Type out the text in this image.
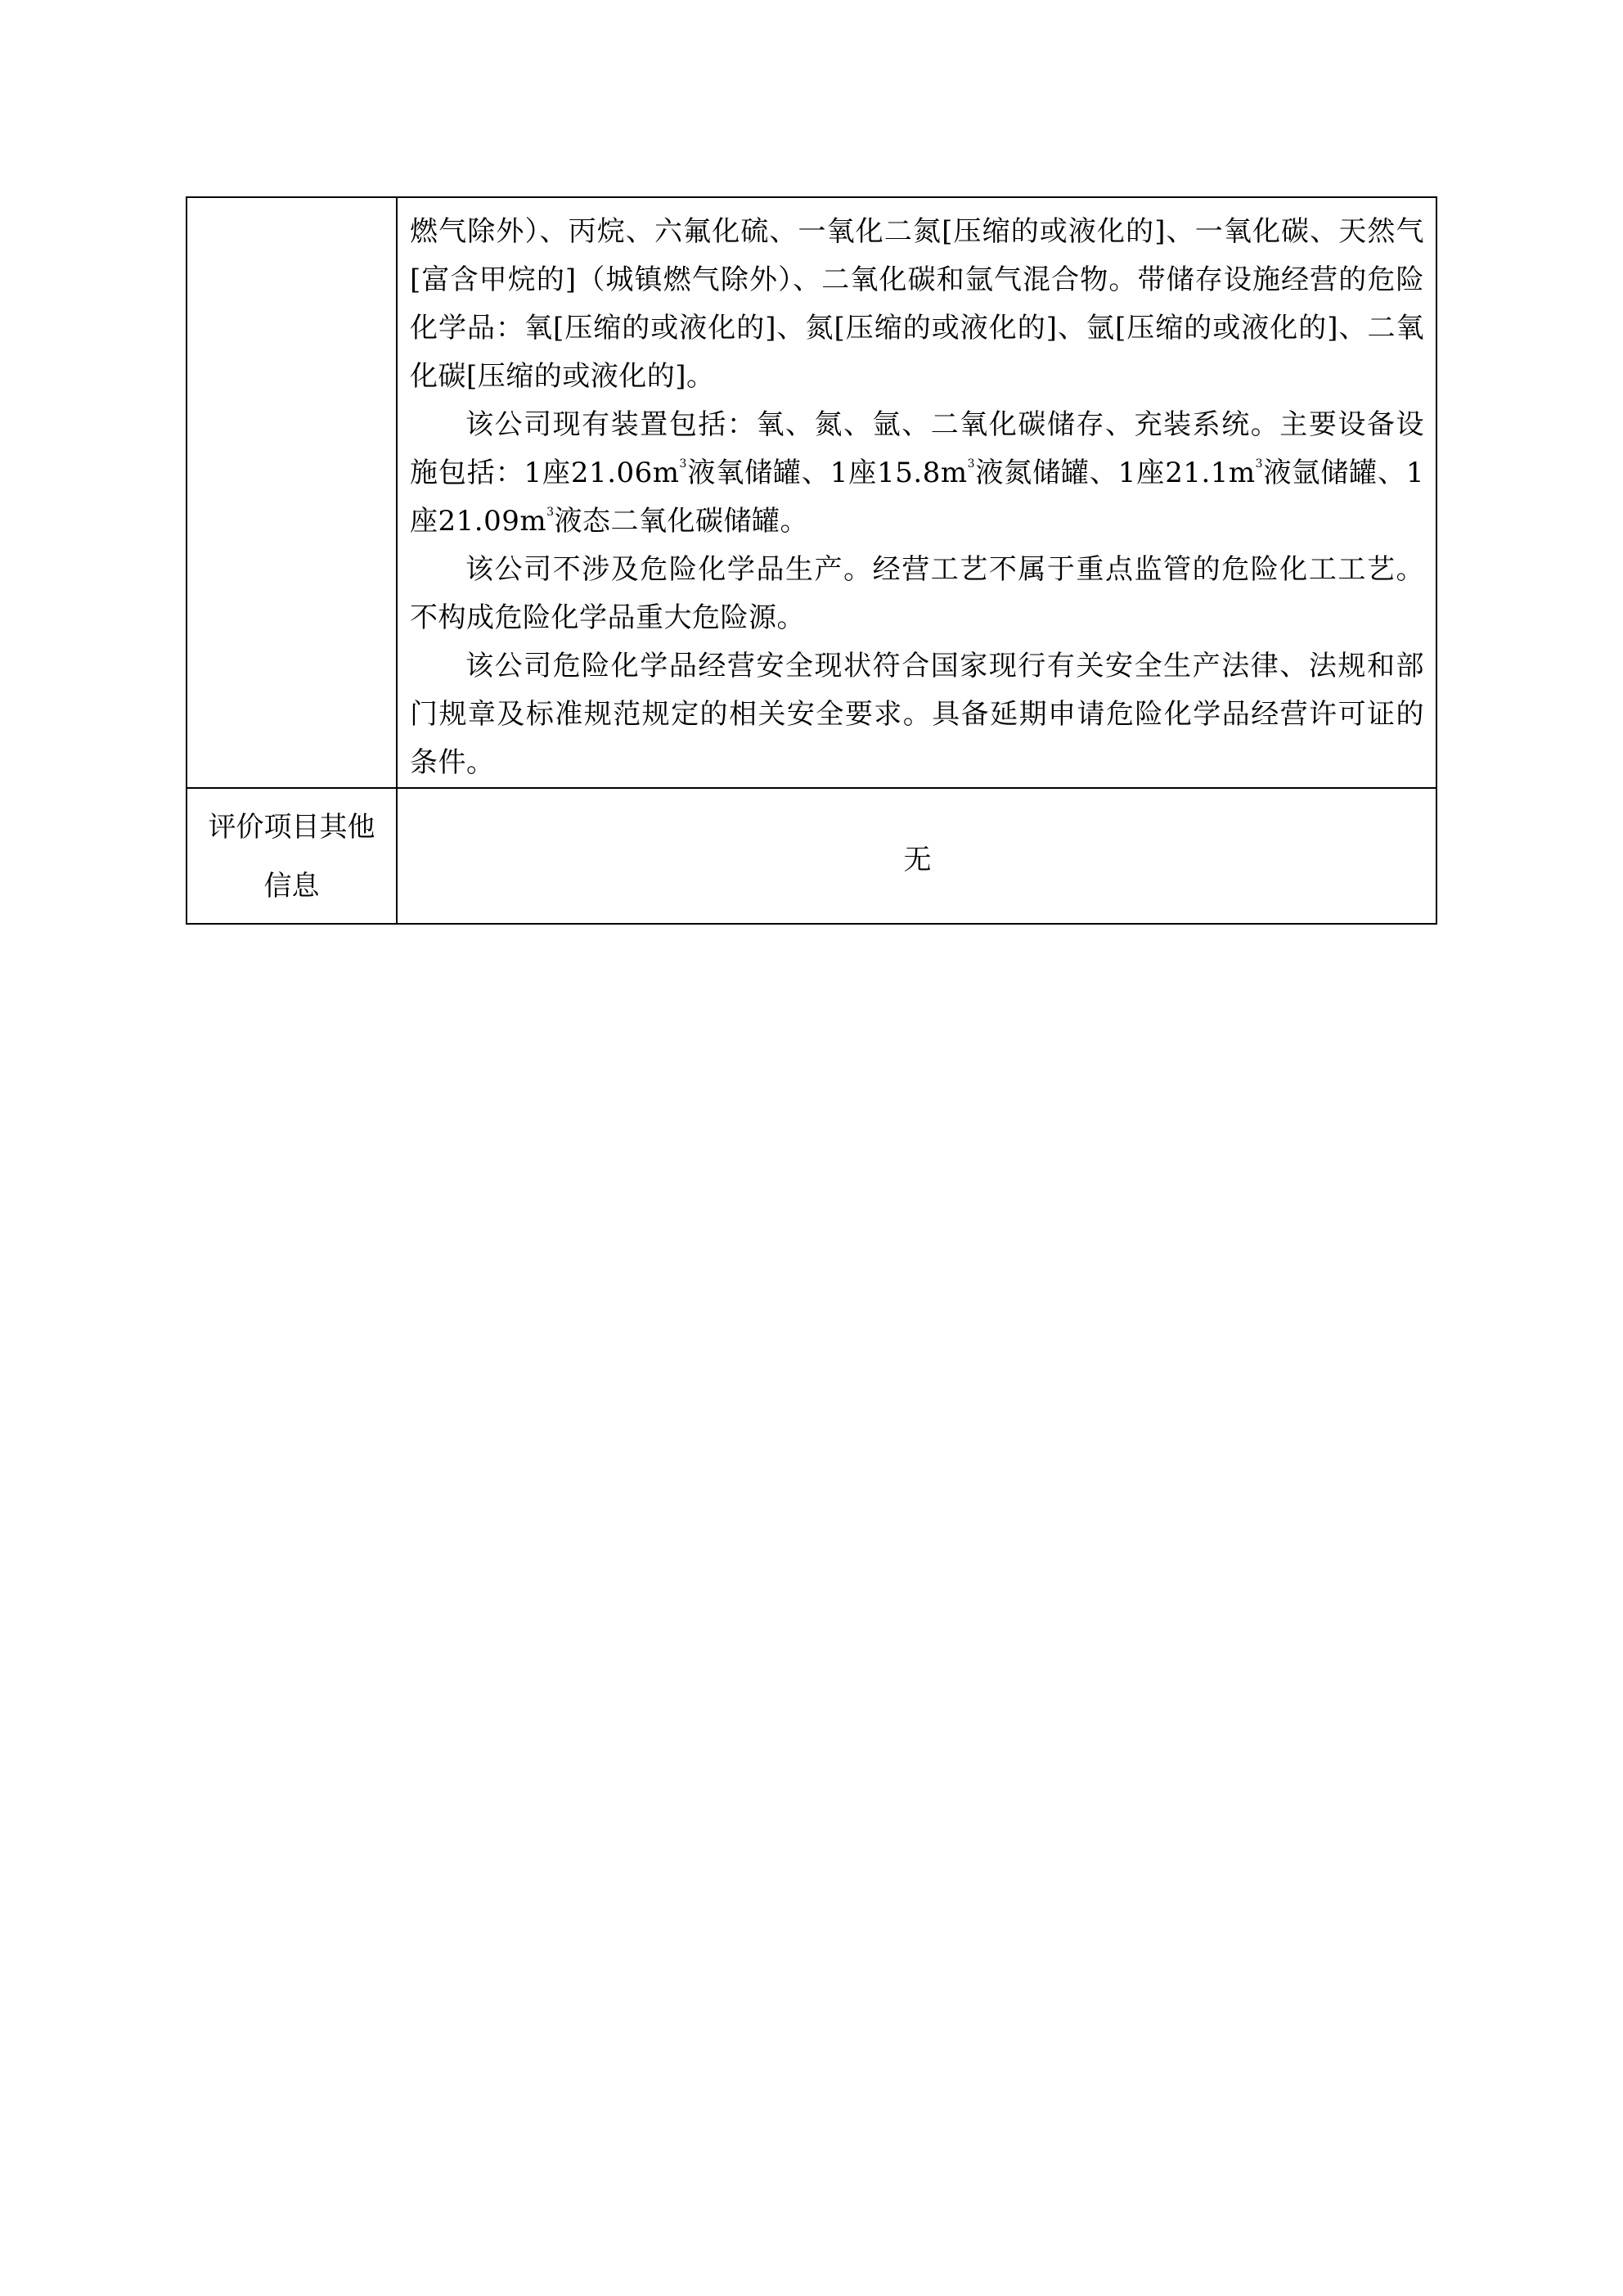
燃气除外）、丙烷、六氟化硫、一氧化二氮[压缩的或液化的]、一氧化碳、天然气[富含甲烷的]（城镇燃气除外）、二氧化碳和氩气混合物。带储存设施经营的危险化学品：氧[压缩的或液化的]、氮[压缩的或液化的]、氩[压缩的或液化的]、二氧化碳[压缩的或液化的]。

该公司现有装置包括：氧、氮、氩、二氧化碳储存、充装系统。主要设备设施包括：1座$21.06m^3$液氧储罐、1座$15.8m^3$液氮储罐、1座$21.1m^3$液氩储罐、1座$21.09m^3$液态二氧化碳储罐。

该公司不涉及危险化学品生产。经营工艺不属于重点监管的危险化工工艺。不构成危险化学品重大危险源。

该公司危险化学品经营安全现状符合国家现行有关安全生产法律、法规和部门规章及标准规范规定的相关安全要求。具备延期申请危险化学品经营许可证的条件。

评价项目其他
信息
无
